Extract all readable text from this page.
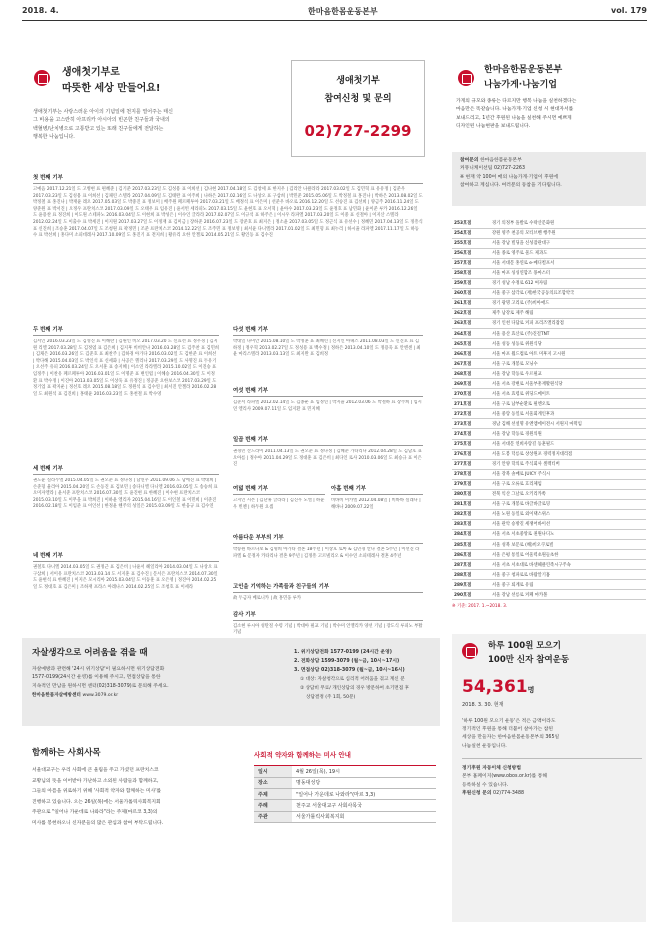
2018. 4.	한마음한몸운동본부	vol. 179
생애첫기부로
따뜻한 세상 만들어요!
생애첫기부는 사랑스러운 아이의 기념일에 천지를 열어주는 태신
그 비용을 고스란히 아프리카 아시아의 빈곤한 친구들과 국내의
백혈병/난치병으로 고통받고 있는 또래 친구들에게 전달하는
행복한 나눔입니다.
생애첫기부
참여신청 및 문의
02)727-2299
첫 번째 기부
고예음 2017.12.21일 도 고병현 표 편혜준 | 김기준 2017.03.23일 도 김성용 표 이희선 | 김나현 2017.04.18일 도 김창세 표 한지우 | 김리안 나클라라 2017.03.02일 도 김민혁 표 유유정 | 김준우 2017.03.23일 도 김성용 표 이희선 | 김채린 스텔라 2017.04.09일 도 김태완 표 이주희 | 나하은 2017.02.16일 도 나상오 표 구삼희 | 박민준 2015.05.06일 도 박정철 표 홍진나 | 박하은 2013.08.02일 도 박정철 표 홍진나 | 박재윤 레오 2017.05.03일 도 박중진 표 정보미 | 배주원 페르페투아 2017.03.21일 도 배정석 표 이은미 | 선준우 바오로 2016.12.20일 도 선승진 표 김선희 | 양금주 2016.11.24일 도 양준원 표 박서진 | 오정우 프란치스코 2017.03.09일 도 오태우 표 임유진 | 윤서빈 세라피노 2017.03.15일 도 윤현호 표 오서혁 | 윤아수 2017.03.23일 도 윤정호 표 남민화 | 윤이준 루카 2016.12.26일 도 윤용찬 표 정진희 | 이도원 스테파노 2016.03.04일 도 이현희 표 박성은 | 이수인 글라라 2017.02.07일 도 이규석 표 하주은 | 이시우 라파엘 2017.03.20일 도 이중 표 신철아 | 이지산 스텔라 2012.02.24일 도 이출수 표 박세진 | 이지원 2017.03.27일 도 이정재 표 김미금 | 장하준 2016.07.23일 도 장준호 표 최지은 | 정소윤 2017.03.05일 도 정근식 표 유선수 | 정혜민 2017.04.13일 도 정흥식 표 신진희 | 조승훈 2017.04.07일 도 조청원 표 곽정민 | 조준 프란치스코 2014.12.22일 도 조주민 표 정보영 | 최서윤 다니엘라 2017.01.02일 도 최민형 표 최누리 | 하시율 라파엘 2017.11.17일 도 하동수 표 박선희 | 홍다미 소피데레사 2017.10.09일 도 홍진기 표 전지희 | 황유리 요한 안젤로 2014.05.21일 도 황인동 표 김수진
두 번째 기부
김서인 2016.03.23일 도 김성진 표 이해란 | 김원인 비오 2017.03.20 도 신효선 표 정우경 | 김지원 리엘 2017.03.28일 도 김정엽 표 김은희 | 김지후 비비안나 2016.03.28일 도 김주찬 표 김민희 | 김채은 2016.03.26일 도 김준호 표 최찬주 | 김하경 아가다 2016.03.02일 도 김한준 표 이희선 | 박다해 2015.04.03일 도 박인석 표 신세화 | 사공은 헬리나 2017.03.29일 도 사명진 표 두유기 | 오선주 유피 2016.03.24일 도 오서훈 표 송지혜 | 이소연 라라엘라 2015.10.02일 도 이진승 표 임정주 | 이찬유 페르페투아 2016.03.01일 도 이명준 표 변인엽 | 이혜승 2016.04.30일 도 이정환 표 박수정 | 이진아 2013.03.05일 도 이상욱 표 유정진 | 정공준 요한보스코 2017.03.29일 도 정기업 표 곽지운 | 정선호 레오 2015.08.18일 도 정원석 표 김수연 | 최서진 안젤라 2016.02.28일 도 최원석 표 김진희 | 홍태윤 2016.03.23일 도 홍천철 표 박수영
세 번째 기부
권도윤 실라누엘 2015.04.05일 도 권오준 표 정다정 | 남연우 2011.09.06 도 남에진 표 박대희 | 손준형 율리아 2015.04.20일 도 손동진 표 김보민 | 송다니엘 다니엘 2016.03.05일 도 송승희 표 오미자엘라 | 윤서준 프란치스코 2016.07.30일 도 윤진현 표 한혜진 | 이수현 프란치스코 2015.03.10일 도 이무을 표 박희진 | 이하윤 엘리자 2015.04.16일 도 이인철 표 이민희 | 이준진 2016.02.18일 도 이임준 표 이인선 | 한정윤 헨주의 성일은 2015.03.09일 도 한웅규 표 김수연
네 번째 기부
권철호 다니엘 2014.03.05일 도 권정근 표 김은비 | 나윤서 헤일리아 2014.03.04일 도 나상오 표 구삼희 | 서이유 프란치스코 2013.03.14 도 서지훈 표 김수진 | 문서은 프란치스코 2014.07.30일 도 윤현석 표 한혜진 | 이지은 모시리아 2015.03.04일 도 이동훈 표 오은영 | 정진아 2014.02.25일 도 정대호 표 김은미 | 조하재 프라스 아레나스 2014.02.25일 도 조청호 표 이세라
다섯 번째 기부
박대일 다미안 2015.08.10일 도 박정훈 표 최혜린 | 신지인 아녜스 2011.08.03일 도 신진호 표 김하정 | 정우혁 2013.02.27일 도 정성용 표 백수정 | 정하은 2013.04.10일 도 정용욱 표 안엔센 | 최윤 마리스텔라 2013.03.13일 도 최지완 표 김희정
여섯 번째 기부
김준서 라파엘 2012.02.14일 도 김종운 표 임정연 | 박지율 2012.03.06 도 박철하 표 장주희 | 임시연 엘리사 2009.07.11일 도 임지환 표 민지혜
일곱 번째 기부
권경민 산드라이 2011.04.13일 도 권오준 표 정다정 | 김혜준 가타리나 2012.04.28일 도 김남호 표 오아름 | 정수아 2011.04.29일 도 정대훈 표 김은비 | 최다인 로사 2010.03.06일 도 최승규 표 이은진
여덟 번째 기부
고지인 시몬 | 김난휴 글라라 | 김진우 노엘 | 하윤우 빈첸 | 하두원 요셉
아홉 번째 기부
비바비 미카엘 2012.04.08일 | 비바바 실레나 | 해바나 2009.07.22일
아름다운 부부의 기부
박승원 바르나보 & 김명희 아가타 결혼 18주년 | 이상호 토마 & 김민경 안나 결혼 5주년 | 이선진 라파엘 & 문정자 카타리나 결혼 9주년 | 김정흥 고르넬리오 & 이수연 소피테레사 결혼 4주년
고인을 기억하는 가족들과 친구들의 기부
故 두금자 베로니카 | 故 홍민웅 루카
감사 기부
김소현 루시아 성탄절 수령 기념 | 박대아 필교 기념 | 박수미 안젤리카 양선 기념 | 장도식 루피노 부활 기념
한마음한몸운동본부
나눔가게·나눔기업
가게의 규모와 종류는 다르지만 행복 나눔을 실천하겠다는
마음만은 똑같습니다. 나눔가게·기업 신청 시 현대자서를
보내드리고, 1년간 후원된 나눔을 실천해 주시면 예쁘게
디자인된 나눔현판을 보내드립니다.
참여문의 한마음한몸운동본부
커뮤니케이션팀 02)727-2263
※ 현재 약 100여 매의 나눔가게·기업이 후원에
참여하고 계십니다. 여러분의 동참을 기다립니다.
253호점	경기 의정부 돌발로 수락산문화원
254호점	강원 영주 천공의 모티브벤 행주원
255호점	서울 강남 빌딩을 신성잠관대구
256호점	서울 종로 영주로 물드 제과도
257호점	서울 서대문 홍연로 e-메디컬포서
258호점	서울 마포 싱싱연합조 몽마스터
259호점	경기 성남 수정로 612 여자림
260호점	서울 중구 삼각로 (재)한국공동의료조합약국
261호점	경기 광명 고리로 (주)비아애드
262호점	제주 남강로 제주 해림
263호점	경기 인천 다담로 커피 프리즈앨리잡점
264호점	서울 용산 효산로 (주)진걸TNT
265호점	서울 성동 성동로 위원식당
266호점	서울 마포 월드컵로 아트 미후지 고시원
267호점	서울 구로 개봉로 모닝수
268호점	서울 강남 학동로 우르필교
269호점	서울 서초 강변로 서울부흥재활원식당
270호점	서울 서초 효령로 위딩드메이트
271호점	서울 구로 남부순환로 필엔오토
272호점	서울 중랑 동일로 서울회계인후과
273호점	경남 김해 선설명 유엔엠에이전시 서원지 마떡임
274호점	서울 강남 학동로 경원의원
275호점	서울 서대문 연희사랑길 동훈필드
276호점	서울 도봉 덕릉로 상상원포 경력정지대리점
277호점	경기 안양 학의로 주식회사 셀렉티버
278호점	서울 강북 솔매로 JUICY 주식시
279호점	서울 구로 오류로 흐리체임
280호점	전북 익산 그날로 오키리카쪽
281호점	서울 구로 개봉로 바글바글로밍
282호점	서울 노원 동일로 외이택스위스
283호점	서울 관악 승방길 세쟁어바이선
284호점	서울 서초 서초중앙로 퀸원나디노
285호점	서울 성북 보문로 (해)비오쿠로빌
286호점	서울 은평 통일로 어울력초원들초한
287호점	서울 서초 서초대로 바센헤클린족시구주속
288호점	서울 중구 청파로로 바람알기홈
289호점	서울 중구 퇴계로 유림
290호점	서울 강남 선릉로 커페 마카볼
※ 기준: 2017. 1.~2018. 3.
하루 100원 모으기
100만 신자 참여운동
54,361명
2018. 3. 30. 현재
'하루 100원 모으기 운동'은 적은 금액이라도
정기적인 후원을 통해 더불어 살아가는 참된
세상을 만들자는 한마음한몸운동본부의 365일
나눔실천 운동입니다.
정기후원 자동이체 신청방법
본부 홈페이지(www.obos.or.kr)를 통해
등록하실 수 있습니다.
후원신청 문의 02)774-3488
자살생각으로 어려움을 겪을 때
자살예방과 관련해 '24시 위기상담'이 필요하시면 위기상담전화
1577-0199(24시간 운영)를 이용해 주시고, 면접상담을 통한
지속적인 만남을 원하시면 센터(02)318-3079)로 문의해 주세요.
한마음한몸자살예방센터 www.3079.or.kr
1. 위기상담전화 1577-0199 (24시간 운영)
2. 전화상담 1599-3079 (월~금, 10시~17시)
3. 면접상담 02)318-3079 (월~금, 10시~16시)
① 대상: 자살청각으로 심리적 어려움을 겪고 계신 분
② 상담비 무료/ 개인상담의 경우 방문하여 초기면접 후
상담결정 (주 1회, 50분)
함께하는 사회사목
서울대교구는 우리 사회에 큰 울림을 주고 가셨던 프란치스코
교황님의 뜻을 이어받아 가난하고 소외된 사람들과 함께하고,
그들의 아픔을 위로하기 위해 '사회적 약자와 함께하는 미사'를
진행하고 있습니다. 오는 26일(목)에는 서울가톨릭사회복지회
주관으로 "일어나 가운데로 나와라"라는 주제(마르코 3,3)의
미사를 봉헌하오니 신자분들의 많은 관심과 참여 부탁드립니다.
사회적 약자와 함께하는 미사 안내
일시	4월 26일(목), 19시
장소	명동대성당
주제	"일어나 가운데로 나와라"(마르 3,3)
주례	천주교 서울대교구 사회사목국
주관	서울가톨릭사회복지회
